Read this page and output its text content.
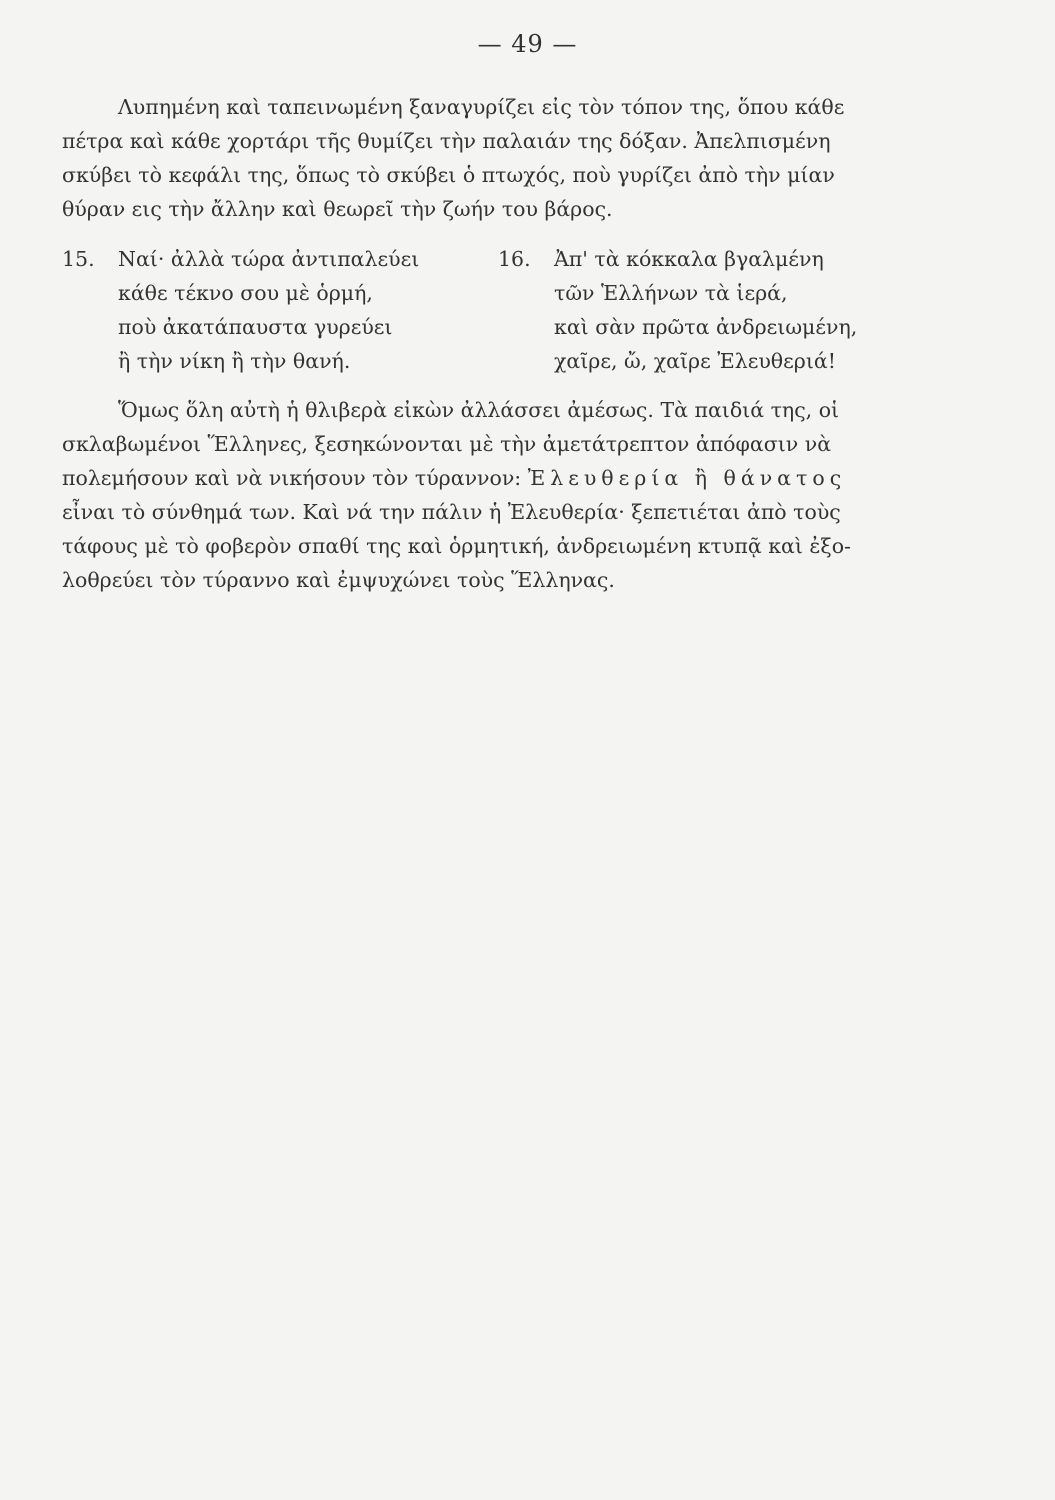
— 49 —
Λυπημένη καὶ ταπεινωμένη ξαναγυρίζει εἰς τὸν τόπον της, ὅπου κάθε
πέτρα καὶ κάθε χορτάρι τῆς θυμίζει τὴν παλαιάν της δόξαν. Ἀπελπισμένη
σκύβει τὸ κεφάλι της, ὅπως τὸ σκύβει ὁ πτωχός, ποὺ γυρίζει ἀπὸ τὴν μίαν
θύραν εις τὴν ἄλλην καὶ θεωρεῖ τὴν ζωήν του βάρος.
15. Ναί· ἀλλὰ τώρα ἀντιπαλεύει
κάθε τέκνο σου μὲ ὁρμή,
ποὺ ἀκατάπαυστα γυρεύει
ἢ τὴν νίκη ἢ τὴν θανή.
16. Ἀπ' τὰ κόκκαλα βγαλμένη
τῶν Ἑλλήνων τὰ ἱερά,
καὶ σὰν πρῶτα ἀνδρειωμένη,
χαῖρε, ὤ, χαῖρε Ἐλευθεριά!
Ὅμως ὅλη αὐτὴ ἡ θλιβερὰ εἰκὼν ἀλλάσσει ἀμέσως. Τὰ παιδιά της, οἱ
σκλαβωμένοι Ἕλληνες, ξεσηκώνονται μὲ τὴν ἀμετάτρεπτον ἀπόφασιν νὰ
πολεμήσουν καὶ νὰ νικήσουν τὸν τύραννον: Ἐλευθερία ἢ θάνατος
εἶναι τὸ σύνθημά των. Καὶ νά την πάλιν ἡ Ἐλευθερία· ξεπετιέται ἀπὸ τοὺς
τάφους μὲ τὸ φοβερὸν σπαθί της καὶ ὁρμητική, ἀνδρειωμένη κτυπᾷ καὶ ἐξο-
λοθρεύει τὸν τύραννο καὶ ἐμψυχώνει τοὺς Ἕλληνας.
